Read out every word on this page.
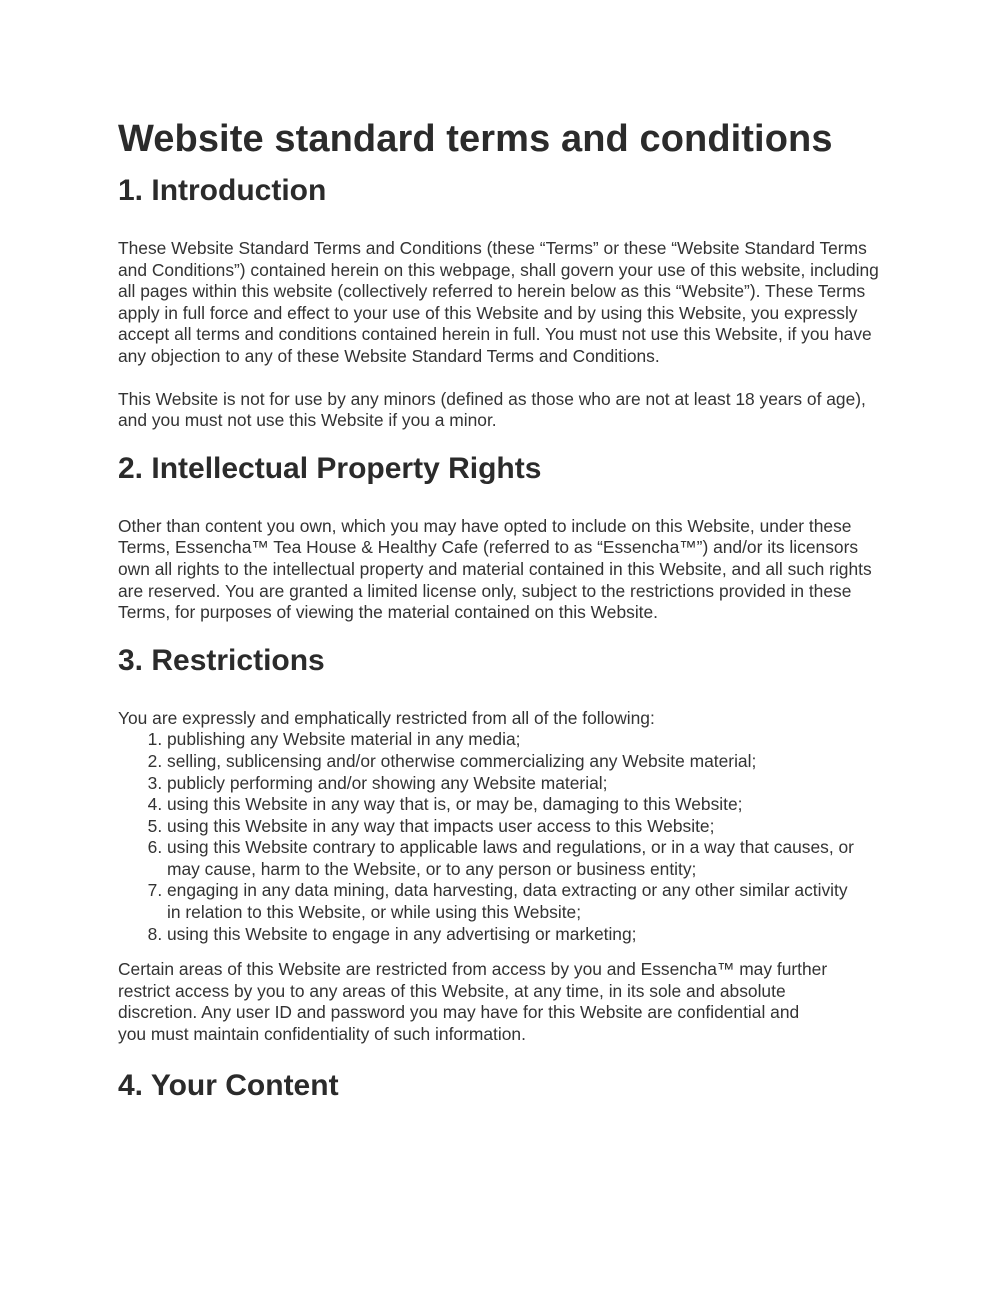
Website standard terms and conditions
1. Introduction

These Website Standard Terms and Conditions (these “Terms” or these “Website Standard Terms and Conditions”) contained herein on this webpage, shall govern your use of this website, including all pages within this website (collectively referred to herein below as this “Website”). These Terms apply in full force and effect to your use of this Website and by using this Website, you expressly accept all terms and conditions contained herein in full. You must not use this Website, if you have any objection to any of these Website Standard Terms and Conditions.

This Website is not for use by any minors (defined as those who are not at least 18 years of age), and you must not use this Website if you a minor.

2. Intellectual Property Rights

Other than content you own, which you may have opted to include on this Website, under these Terms, Essencha™ Tea House & Healthy Cafe (referred to as “Essencha™”) and/or its licensors own all rights to the intellectual property and material contained in this Website, and all such rights are reserved. You are granted a limited license only, subject to the restrictions provided in these Terms, for purposes of viewing the material contained on this Website.

3. Restrictions

You are expressly and emphatically restricted from all of the following:

1. publishing any Website material in any media;
2. selling, sublicensing and/or otherwise commercializing any Website material;
3. publicly performing and/or showing any Website material;
4. using this Website in any way that is, or may be, damaging to this Website;
5. using this Website in any way that impacts user access to this Website;
6. using this Website contrary to applicable laws and regulations, or in a way that causes, or may cause, harm to the Website, or to any person or business entity;
7. engaging in any data mining, data harvesting, data extracting or any other similar activity in relation to this Website, or while using this Website;
8. using this Website to engage in any advertising or marketing;

Certain areas of this Website are restricted from access by you and Essencha™ may further restrict access by you to any areas of this Website, at any time, in its sole and absolute discretion. Any user ID and password you may have for this Website are confidential and you must maintain confidentiality of such information.

4. Your Content
